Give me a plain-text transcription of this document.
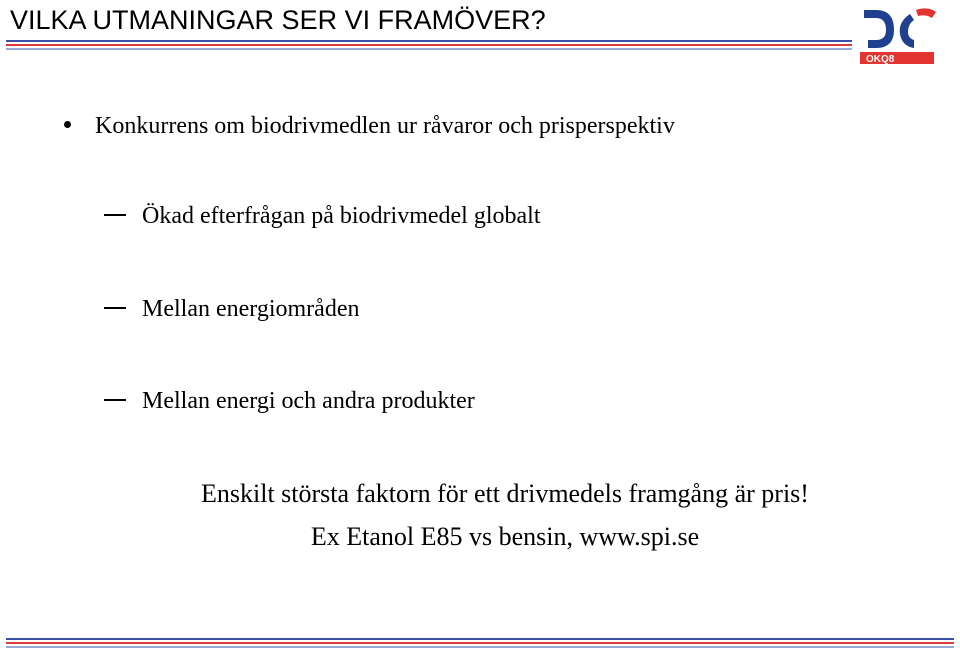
VILKA UTMANINGAR SER VI FRAMÖVER?
OKQ8
Konkurrens om biodrivmedlen ur råvaror och prisperspektiv
Ökad efterfrågan på biodrivmedel globalt
Mellan energiområden
Mellan energi och andra produkter
Enskilt största faktorn för ett drivmedels framgång är pris!
Ex Etanol E85 vs bensin, www.spi.se
